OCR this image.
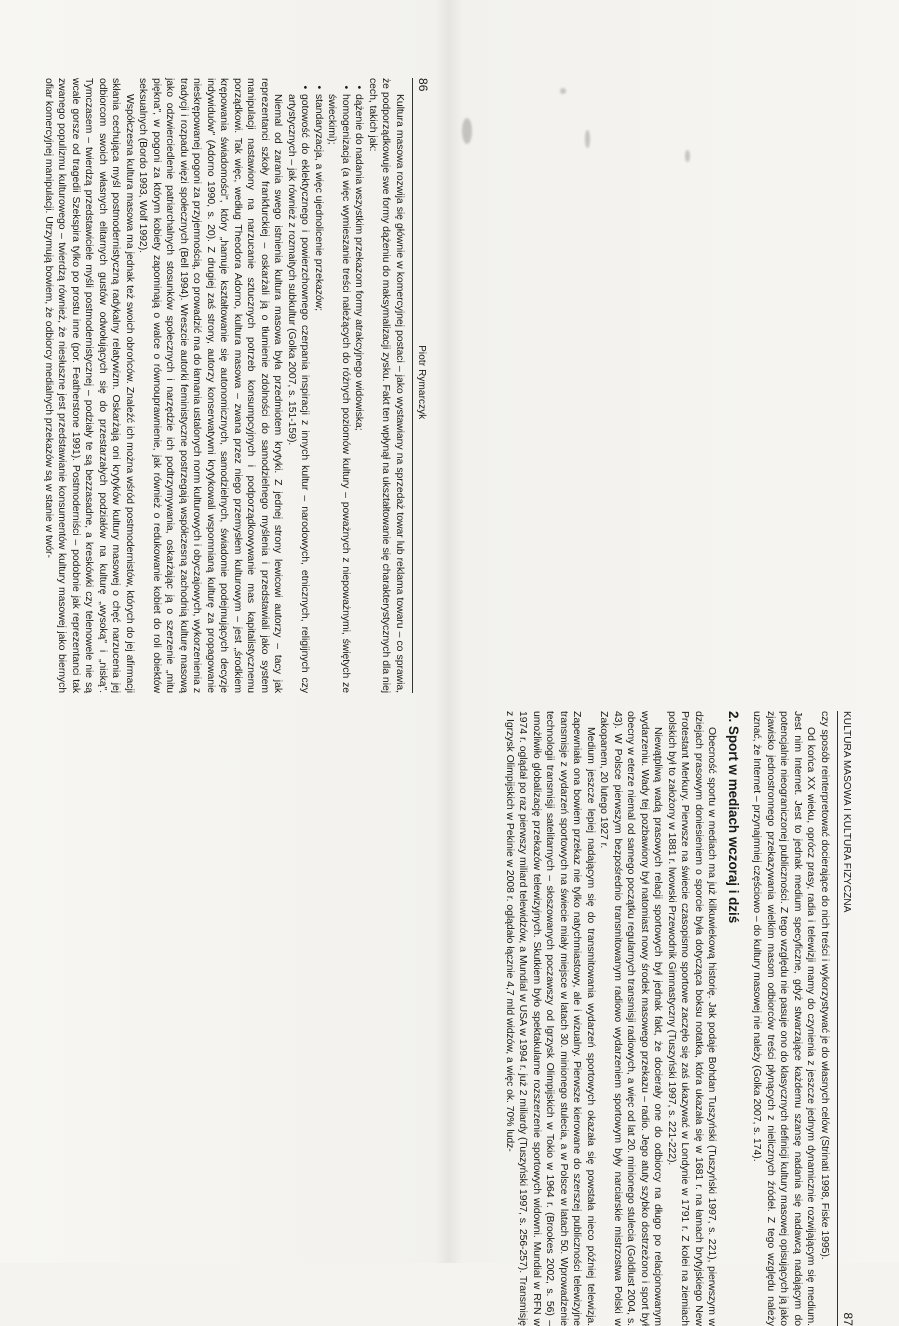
86
Piotr Rymarczyk

Kultura masowa rozwija się głównie w komercyjnej postaci – jako wystawiany na sprzedaż towar lub reklama towaru – co sprawia, że podporządkowuje swe formy dążeniu do maksymalizacji zysku. Fakt ten wpłynął na ukształtowanie się charakterystycznych dla niej cech, takich jak:

• dążenie do nadania wszystkim przekazom formy atrakcyjnego widowiska;
• homogenizacja (a więc wymieszanie treści należących do różnych poziomów kultury – poważnych z niepoważnymi, świętych ze świeckimi);
• standaryzacja, a więc ujednolicenie przekazów;
• gotowość do eklektycznego i powierzchownego czerpania inspiracji z innych kultur – narodowych, etnicznych, religijnych czy artystycznych – jak również z rozmaitych subkultur (Golka 2007, s. 151-159).

Niemal od zarania swego istnienia kultura masowa była przedmiotem krytyki. Z jednej strony lewicowi autorzy – tacy jak reprezentanci szkoły frankfurckiej – oskarżali ją o tłumienie zdolności do samodzielnego myślenia i przedstawiali jako system manipulacji nastawiony na narzucanie sztucznych potrzeb konsumpcyjnych i podporządkowywanie mas kapitalistycznemu porządkowi. Tak więc, według Theodora Adorno, kultura masowa – zwana przez niego przemysłem kulturowym – jest „środkiem krępowania świadomości", który „hamuje kształtowanie się autonomicznych, samodzielnych, świadomie podejmujących decyzje indywiduów" (Adorno 1990, s. 20). Z drugiej zaś strony, autorzy konserwatywni krytykowali wspomnianą kulturę za propagowanie nieskrępowanej pogoni za przyjemnością, co prowadzić ma do łamania ustalonych norm kulturowych i obyczajowych, wykorzenienia z tradycji i rozpadu więzi społecznych (Bell 1994). Wreszcie autorki feministyczne postrzegają współczesną zachodnią kulturę masową jako odzwierciedlenie patriarchalnych stosunków społecznych i narzędzie ich podtrzymywania, oskarżając ją o szerzenie „mitu piękna", w pogoni za którym kobiety zapominają o walce o równouprawnienie, jak również o redukowanie kobiet do roli obiektów seksualnych (Bordo 1993, Wolf 1992).

Współczesna kultura masowa ma jednak też swoich obrońców. Znaleźć ich można wśród postmodernistów, których do jej afirmacji skłania cechująca myśl postmodernistyczną radykalny relatywizm. Oskarżają oni krytyków kultury masowej o chęć narzucenia jej odbiorcom swoich własnych elitarnych gustów odwołujących się do przestarzałych podziałów na kulturę „wysoką" i „niską". Tymczasem – twierdzą przedstawiciele myśli postmodernistycznej – podziały te są bezzasadne, a kreskówki czy telenowele nie są wcale gorsze od tragedii Szekspira tylko po prostu inne (por. Featherstone 1991). Postmoderniści – podobnie jak reprezentanci tak zwanego populizmu kulturowego – twierdzą również, że niesłuszne jest przedstawianie konsumentów kultury masowej jako biernych ofiar komercyjnej manipulacji. Utrzymują bowiem, że odbiorcy medialnych przekazów są w stanie w twór-

KULTURA MASOWA I KULTURA FIZYCZNA
87

czy sposób reinterpretować docierające do nich treści i wykorzystywać je do własnych celów (Strinati 1998, Fiske 1995).

Od końca XX wieku, oprócz prasy, radia i telewizji mamy do czynienia z jeszcze jednym dynamicznie rozwijającym się medium. Jest nim Internet. Jest to jednak medium specyficzne, gdyż stwarzające każdemu szansę nadania się nadawcą nadającym do potencjalnie nieograniczonej publiczności. Z tego względu nie pasuje ono do klasycznych definicji kultury masowej opisujących ją jako zjawisko jednostronnego przekazywania wielkim masom odbiorców treści płynących z nielicznych źródeł. Z tego względu należy uznać, że Internet – przynajmniej częściowo – do kultury masowej nie należy (Golka 2007, s. 174).

2. Sport w mediach wczoraj i dziś

Obecność sportu w mediach ma już kilkuwiekową historię. Jak podaje Bohdan Tuszyński (Tuszyński 1997, s. 221), pierwszym w dziejach prasowym doniesieniem o sporcie była dotycząca boksu notatka, która ukazała się w 1681 r. na łamach brytyjskiego New Protestant Merkury. Pierwsze na świecie czasopismo sportowe zaczęło się zaś ukazywać w Londynie w 1791 r. Z kolei na ziemiach polskich był to założony w 1881 r. lwowski Przewodnik Gimnastyczny (Tuszyński 1997, s. 221-222).

Niewątpliwą wadą prasowych relacji sportowych był jednak fakt, że docierały one do odbiorcy na długo po relacjonowanym wydarzeniu. Wady tej pozbawiony był natomiast nowy środek masowego przekazu – radio. Jego atuty szybko dostrzeżono i sport był obecny w eterze niemal od samego początku regularnych transmisji radiowych, a więc od lat 20. minionego stulecia (Goldlust 2004, s. 43). W Polsce pierwszym bezpośrednio transmitowanym radiowo wydarzeniem sportowym były narciarskie mistrzostwa Polski w Zakopanem, 20 lutego 1927 r.

Medium jeszcze lepiej nadającym się do transmitowania wydarzeń sportowych okazała się powstała nieco później telewizja. Zapewniała ona bowiem przekaz nie tylko natychmiastowy, ale i wizualny. Pierwsze kierowane do szerszej publiczności telewizyjne transmisje z wydarzeń sportowych na świecie miały miejsce w latach 30. minionego stulecia, a w Polsce w latach 50. Wprowadzenie technologii transmisji satelitarnych – słoszowanych poczawszy od Igrzysk Olimpijskich w Tokio w 1964 r. (Brookes 2002, s. 56) – umożliwiło globalizację przekazów telewizyjnych. Skutkiem było spektakularne rozszerzenie sportowych widowni. Mundial w RFN w 1974 r. oglądał po raz pierwszy miliard telewidzów, a Mundial w USA w 1994 r. już 2 miliardy (Tuszyński 1997, s. 256-257). Transmisję z Igrzysk Olimpijskich w Pekinie w 2008 r. oglądało łącznie 4,7 mld widzów, a więc ok. 70% ludz-
